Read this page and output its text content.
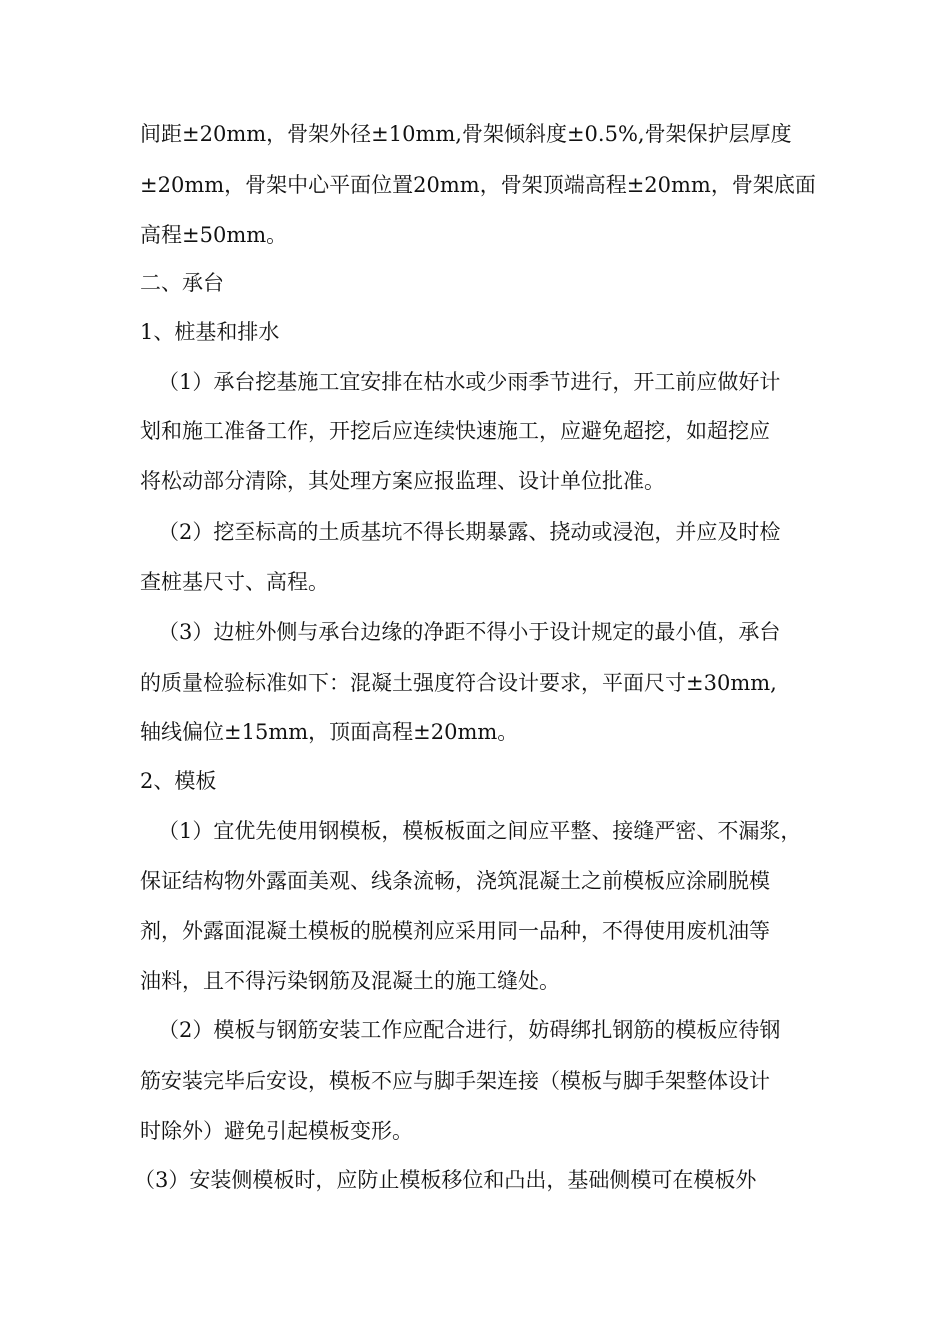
间距±20mm，骨架外径±10mm,骨架倾斜度±0.5%,骨架保护层厚度
±20mm，骨架中心平面位置20mm，骨架顶端高程±20mm，骨架底面
高程±50mm。
二、承台
1、桩基和排水
（1）承台挖基施工宜安排在枯水或少雨季节进行，开工前应做好计
划和施工准备工作，开挖后应连续快速施工，应避免超挖，如超挖应
将松动部分清除，其处理方案应报监理、设计单位批准。
（2）挖至标高的土质基坑不得长期暴露、挠动或浸泡，并应及时检
查桩基尺寸、高程。
（3）边桩外侧与承台边缘的净距不得小于设计规定的最小值，承台
的质量检验标准如下：混凝土强度符合设计要求，平面尺寸±30mm,
轴线偏位±15mm，顶面高程±20mm。
2、模板
（1）宜优先使用钢模板，模板板面之间应平整、接缝严密、不漏浆，
保证结构物外露面美观、线条流畅，浇筑混凝土之前模板应涂刷脱模
剂，外露面混凝土模板的脱模剂应采用同一品种，不得使用废机油等
油料，且不得污染钢筋及混凝土的施工缝处。
（2）模板与钢筋安装工作应配合进行，妨碍绑扎钢筋的模板应待钢
筋安装完毕后安设，模板不应与脚手架连接（模板与脚手架整体设计
时除外）避免引起模板变形。
（3）安装侧模板时，应防止模板移位和凸出，基础侧模可在模板外
